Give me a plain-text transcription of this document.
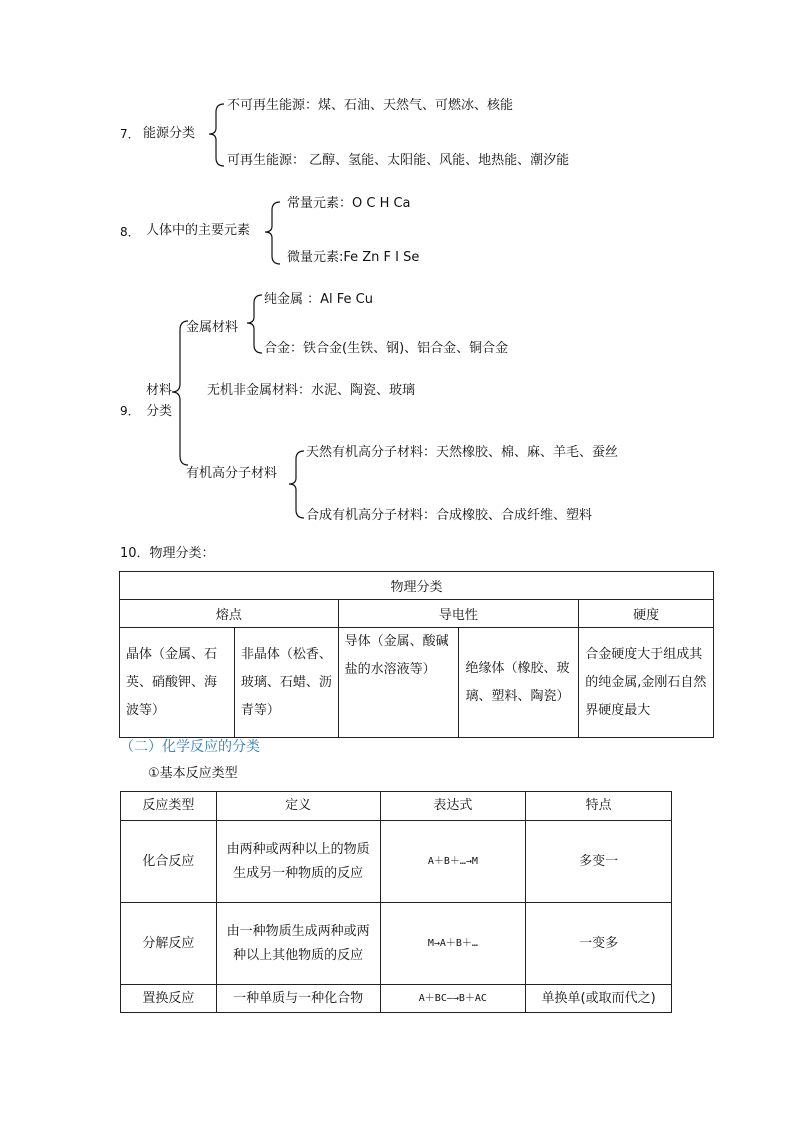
7． 能源分类
不可再生能源：煤、石油、天然气、可燃冰、核能
可再生能源： 乙醇、氢能、太阳能、风能、地热能、潮汐能
8． 人体中的主要元素
常量元素：O C H Ca
微量元素:Fe Zn F I Se
材料
9． 分类
金属材料
纯金属 ：Al Fe Cu
合金：铁合金(生铁、钢)、铝合金、铜合金
无机非金属材料：水泥、陶瓷、玻璃
有机高分子材料
天然有机高分子材料：天然橡胶、棉、麻、羊毛、蚕丝
合成有机高分子材料：合成橡胶、合成纤维、塑料
10．物理分类：
物理分类				
熔点		导电性		硬度
晶体（金属、石英、硝酸钾、海波等）	非晶体（松香、玻璃、石蜡、沥青等）	导体（金属、酸碱盐的水溶液等）	绝缘体（橡胶、玻璃、塑料、陶瓷）	合金硬度大于组成其的纯金属,金刚石自然界硬度最大
（二）化学反应的分类
①基本反应类型
反应类型	定义	表达式	特点
化合反应	由两种或两种以上的物质生成另一种物质的反应	A＋B＋…→M	多变一
分解反应	由一种物质生成两种或两种以上其他物质的反应	M→A＋B＋…	一变多
置换反应	一种单质与一种化合物	A＋BC—→B＋AC	单换单(或取而代之)
